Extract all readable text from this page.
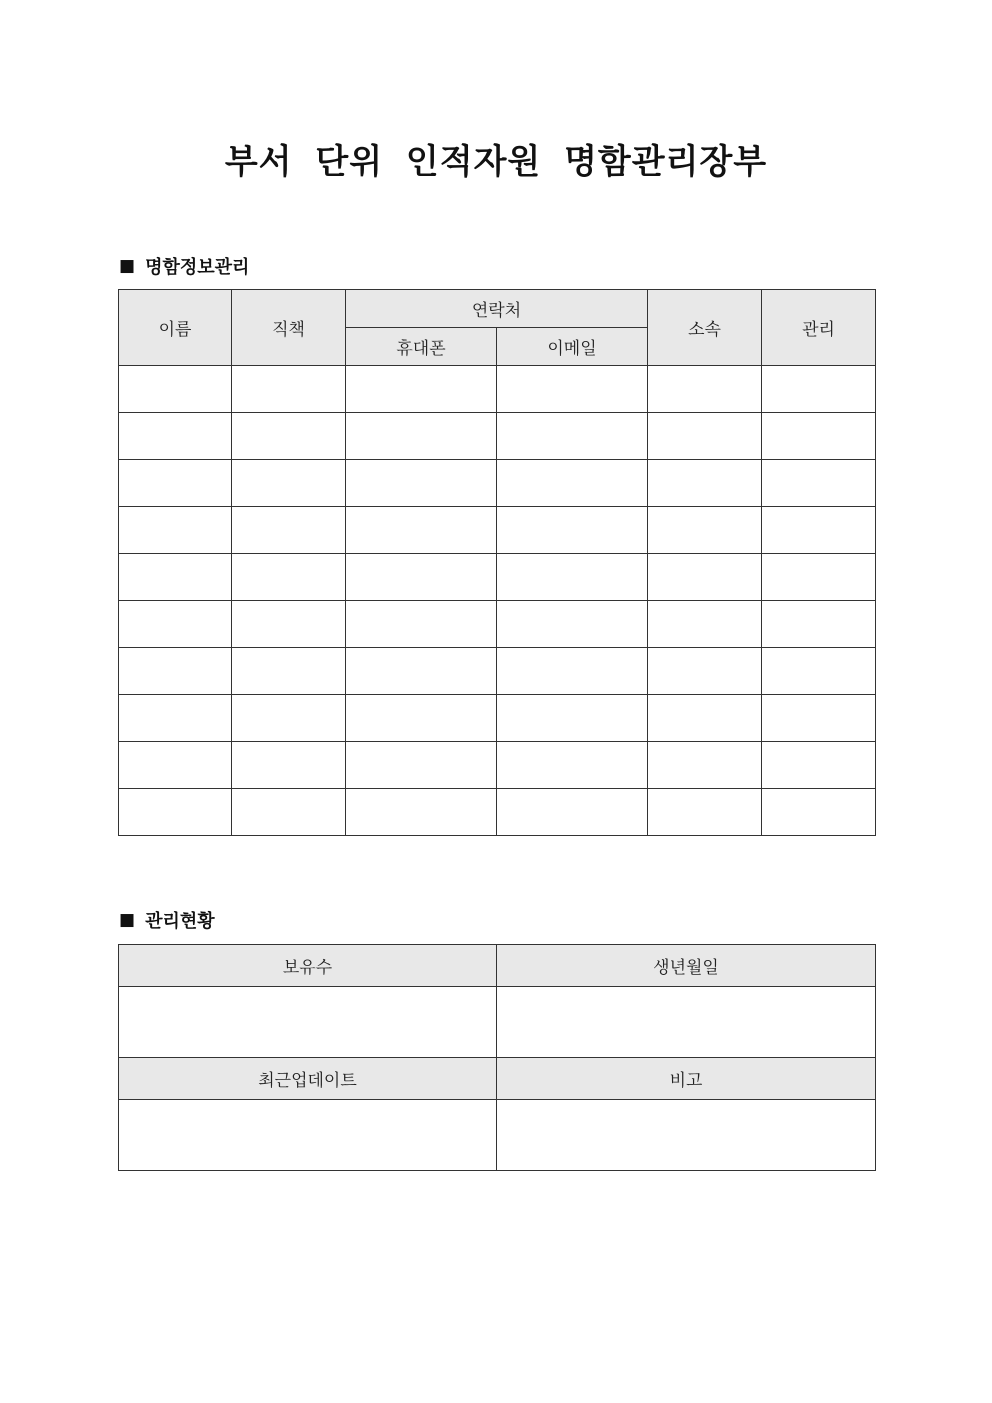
부서 단위 인적자원 명함관리장부
■ 명함정보관리
이름	직책	연락처		소속	관리
		휴대폰	이메일		

■ 관리현황
보유수	생년월일

최근업데이트	비고
